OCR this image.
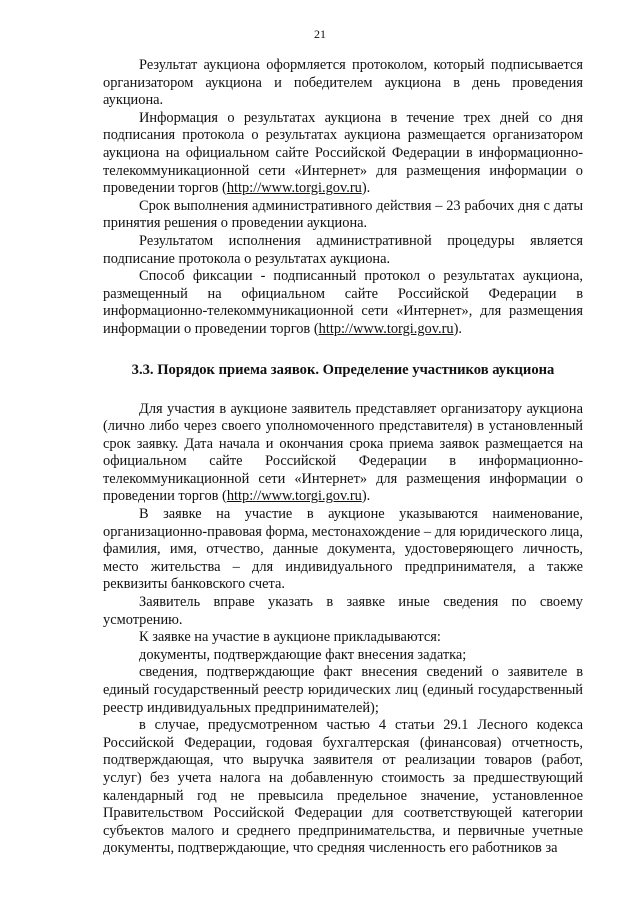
21

Результат аукциона оформляется протоколом, который подписывается организатором аукциона и победителем аукциона в день проведения аукциона.

Информация о результатах аукциона в течение трех дней со дня подписания протокола о результатах аукциона размещается организатором аукциона на официальном сайте Российской Федерации в информационно-телекоммуникационной сети «Интернет» для размещения информации о проведении торгов (http://www.torgi.gov.ru).

Срок выполнения административного действия – 23 рабочих дня с даты принятия решения о проведении аукциона.

Результатом исполнения административной процедуры является подписание протокола о результатах аукциона.

Способ фиксации - подписанный протокол о результатах аукциона, размещенный на официальном сайте Российской Федерации в информационно-телекоммуникационной сети «Интернет», для размещения информации о проведении торгов (http://www.torgi.gov.ru).

3.3. Порядок приема заявок. Определение участников аукциона

Для участия в аукционе заявитель представляет организатору аукциона (лично либо через своего уполномоченного представителя) в установленный срок заявку. Дата начала и окончания срока приема заявок размещается на официальном сайте Российской Федерации в информационно-телекоммуникационной сети «Интернет» для размещения информации о проведении торгов (http://www.torgi.gov.ru).

В заявке на участие в аукционе указываются наименование, организационно-правовая форма, местонахождение – для юридического лица, фамилия, имя, отчество, данные документа, удостоверяющего личность, место жительства – для индивидуального предпринимателя, а также реквизиты банковского счета.

Заявитель вправе указать в заявке иные сведения по своему усмотрению.

К заявке на участие в аукционе прикладываются:

документы, подтверждающие факт внесения задатка;

сведения, подтверждающие факт внесения сведений о заявителе в единый государственный реестр юридических лиц (единый государственный реестр индивидуальных предпринимателей);

в случае, предусмотренном частью 4 статьи 29.1 Лесного кодекса Российской Федерации, годовая бухгалтерская (финансовая) отчетность, подтверждающая, что выручка заявителя от реализации товаров (работ, услуг) без учета налога на добавленную стоимость за предшествующий календарный год не превысила предельное значение, установленное Правительством Российской Федерации для соответствующей категории субъектов малого и среднего предпринимательства, и первичные учетные документы, подтверждающие, что средняя численность его работников за
